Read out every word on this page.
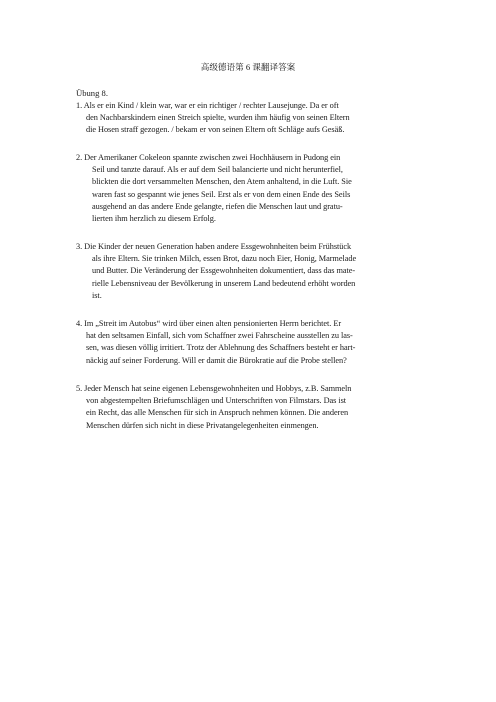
高级德语第 6 课翻译答案
Übung 8.
1. Als er ein Kind / klein war, war er ein richtiger / rechter Lausejunge. Da er oft
den Nachbarskindern einen Streich spielte, wurden ihm häufig von seinen Eltern
die Hosen straff gezogen. / bekam er von seinen Eltern oft Schläge aufs Gesäß.
2. Der Amerikaner Cokeleon spannte zwischen zwei Hochhäusern in Pudong ein
Seil und tanzte darauf. Als er auf dem Seil balancierte und nicht herunterfiel,
blickten die dort versammelten Menschen, den Atem anhaltend, in die Luft. Sie
waren fast so gespannt wie jenes Seil. Erst als er von dem einen Ende des Seils
ausgehend an das andere Ende gelangte, riefen die Menschen laut und gratu-
lierten ihm herzlich zu diesem Erfolg.
3. Die Kinder der neuen Generation haben andere Essgewohnheiten beim Frühstück
als ihre Eltern. Sie trinken Milch, essen Brot, dazu noch Eier, Honig, Marmelade
und Butter. Die Veränderung der Essgewohnheiten dokumentiert, dass das mate-
rielle Lebensniveau der Bevölkerung in unserem Land bedeutend erhöht worden
ist.
4. Im „Streit im Autobus“ wird über einen alten pensionierten Herrn berichtet. Er
hat den seltsamen Einfall, sich vom Schaffner zwei Fahrscheine ausstellen zu las-
sen, was diesen völlig irritiert. Trotz der Ablehnung des Schaffners besteht er hart-
näckig auf seiner Forderung. Will er damit die Bürokratie auf die Probe stellen?
5. Jeder Mensch hat seine eigenen Lebensgewohnheiten und Hobbys, z.B. Sammeln
von abgestempelten Briefumschlägen und Unterschriften von Filmstars. Das ist
ein Recht, das alle Menschen für sich in Anspruch nehmen können. Die anderen
Menschen dürfen sich nicht in diese Privatangelegenheiten einmengen.
